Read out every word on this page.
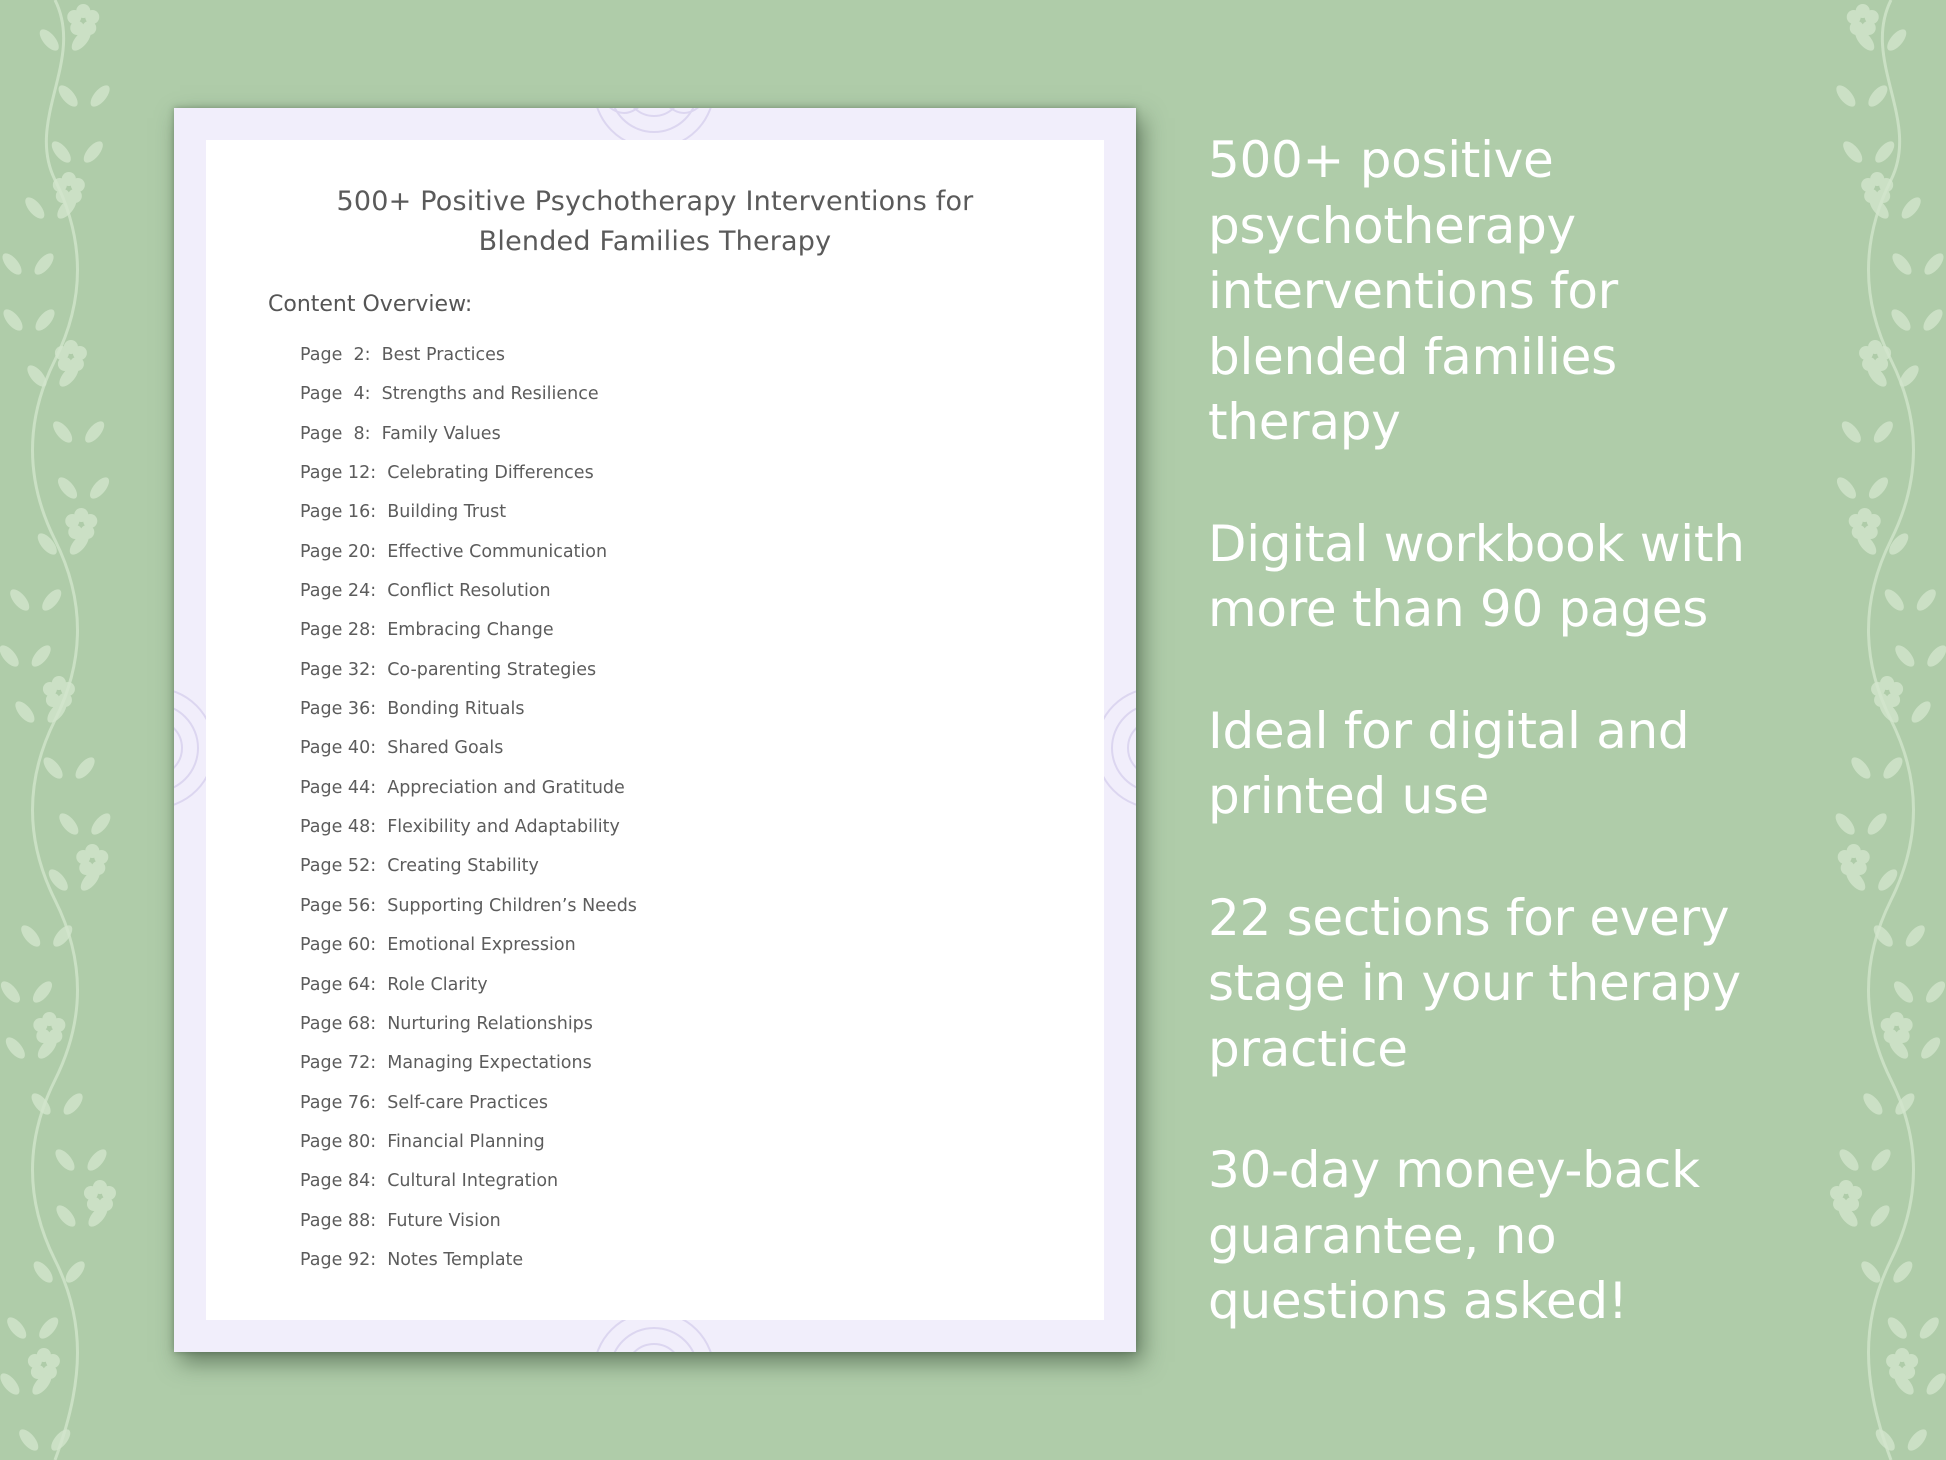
500+ Positive Psychotherapy Interventions for
Blended Families Therapy
Content Overview:
Page  2:  Best Practices
Page  4:  Strengths and Resilience
Page  8:  Family Values
Page 12:  Celebrating Differences
Page 16:  Building Trust
Page 20:  Effective Communication
Page 24:  Conflict Resolution
Page 28:  Embracing Change
Page 32:  Co-parenting Strategies
Page 36:  Bonding Rituals
Page 40:  Shared Goals
Page 44:  Appreciation and Gratitude
Page 48:  Flexibility and Adaptability
Page 52:  Creating Stability
Page 56:  Supporting Children’s Needs
Page 60:  Emotional Expression
Page 64:  Role Clarity
Page 68:  Nurturing Relationships
Page 72:  Managing Expectations
Page 76:  Self-care Practices
Page 80:  Financial Planning
Page 84:  Cultural Integration
Page 88:  Future Vision
Page 92:  Notes Template
500+ positive
psychotherapy
interventions for
blended families
therapy
Digital workbook with
more than 90 pages
Ideal for digital and
printed use
22 sections for every
stage in your therapy
practice
30-day money-back
guarantee, no
questions asked!
